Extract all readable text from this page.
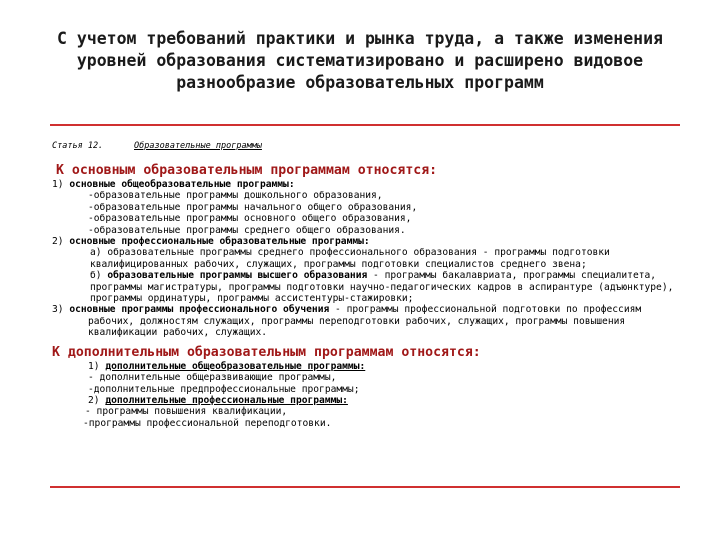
С учетом требований практики и рынка труда, а также изменения уровней образования систематизировано и расширено видовое разнообразие образовательных программ
Статья 12.	Образовательные программы
К основным образовательным программам относятся:
1) основные общеобразовательные программы:
-образовательные программы дошкольного образования,
-образовательные программы начального общего образования,
-образовательные программы основного общего образования,
-образовательные программы среднего общего образования.
2) основные профессиональные образовательные программы:
а) образовательные программы среднего профессионального образования - программы подготовки квалифицированных рабочих, служащих, программы подготовки специалистов среднего звена;
б) образовательные программы высшего образования - программы бакалавриата, программы специалитета, программы магистратуры, программы подготовки научно-педагогических кадров в аспирантуре (адъюнктуре), программы ординатуры, программы ассистентуры-стажировки;
3) основные программы профессионального обучения - программы профессиональной подготовки по профессиям рабочих, должностям служащих, программы переподготовки рабочих, служащих, программы повышения квалификации рабочих, служащих.
К дополнительным образовательным программам относятся:
1) дополнительные общеобразовательные программы:
- дополнительные общеразвивающие программы,
-дополнительные предпрофессиональные программы;
2) дополнительные профессиональные программы:
- программы повышения квалификации,
-программы профессиональной переподготовки.
